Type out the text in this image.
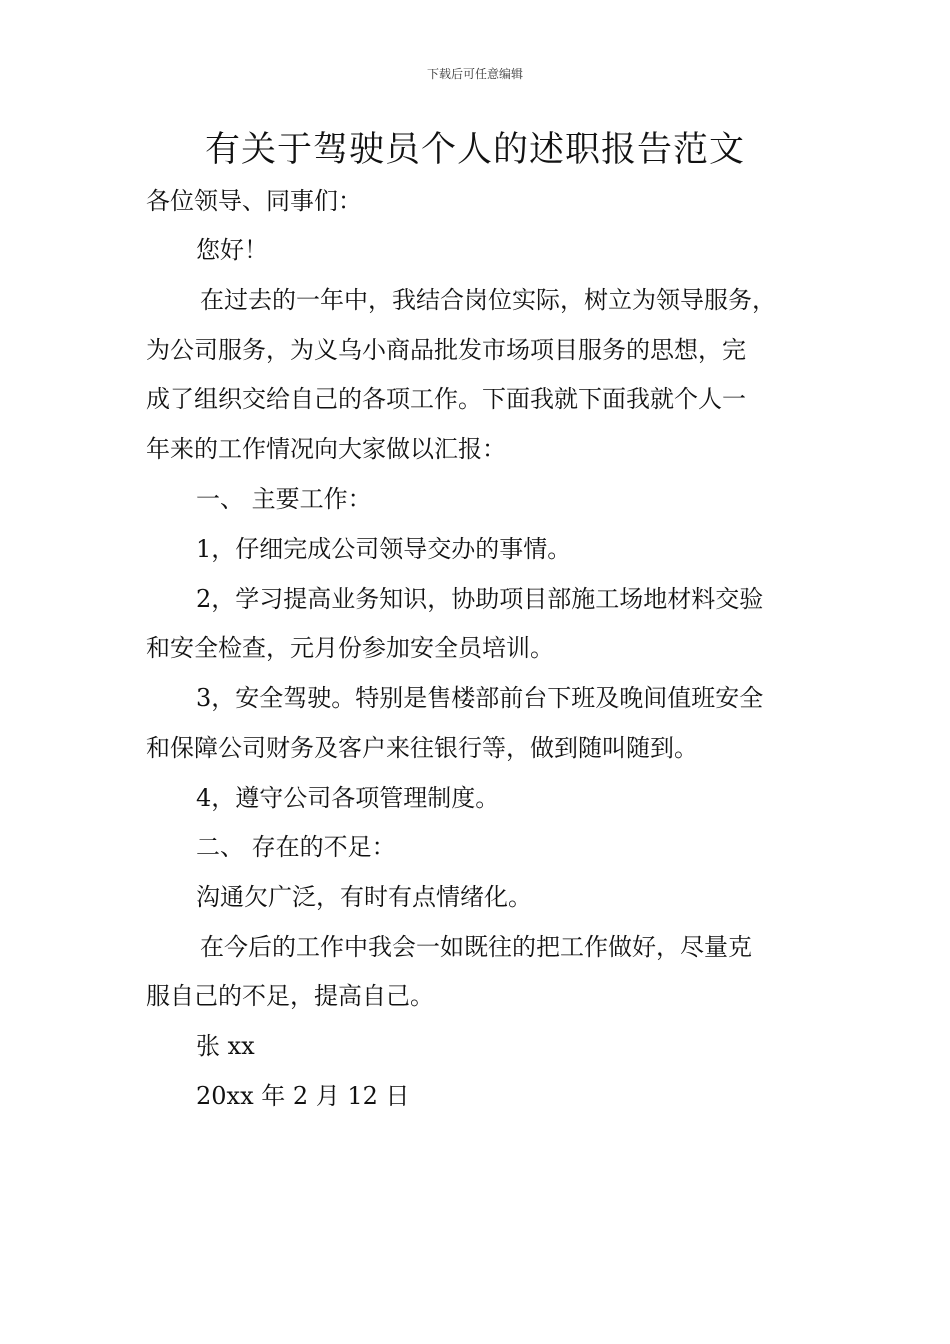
下载后可任意编辑
有关于驾驶员个人的述职报告范文
各位领导、同事们：
您好！
在过去的一年中，我结合岗位实际，树立为领导服务，
为公司服务，为义乌小商品批发市场项目服务的思想，完
成了组织交给自己的各项工作。下面我就下面我就个人一
年来的工作情况向大家做以汇报：
一、 主要工作：
1，仔细完成公司领导交办的事情。
2，学习提高业务知识，协助项目部施工场地材料交验
和安全检查，元月份参加安全员培训。
3，安全驾驶。特别是售楼部前台下班及晚间值班安全
和保障公司财务及客户来往银行等，做到随叫随到。
4，遵守公司各项管理制度。
二、 存在的不足：
沟通欠广泛，有时有点情绪化。
在今后的工作中我会一如既往的把工作做好，尽量克
服自己的不足，提高自己。
张 xx
20xx 年 2 月 12 日
